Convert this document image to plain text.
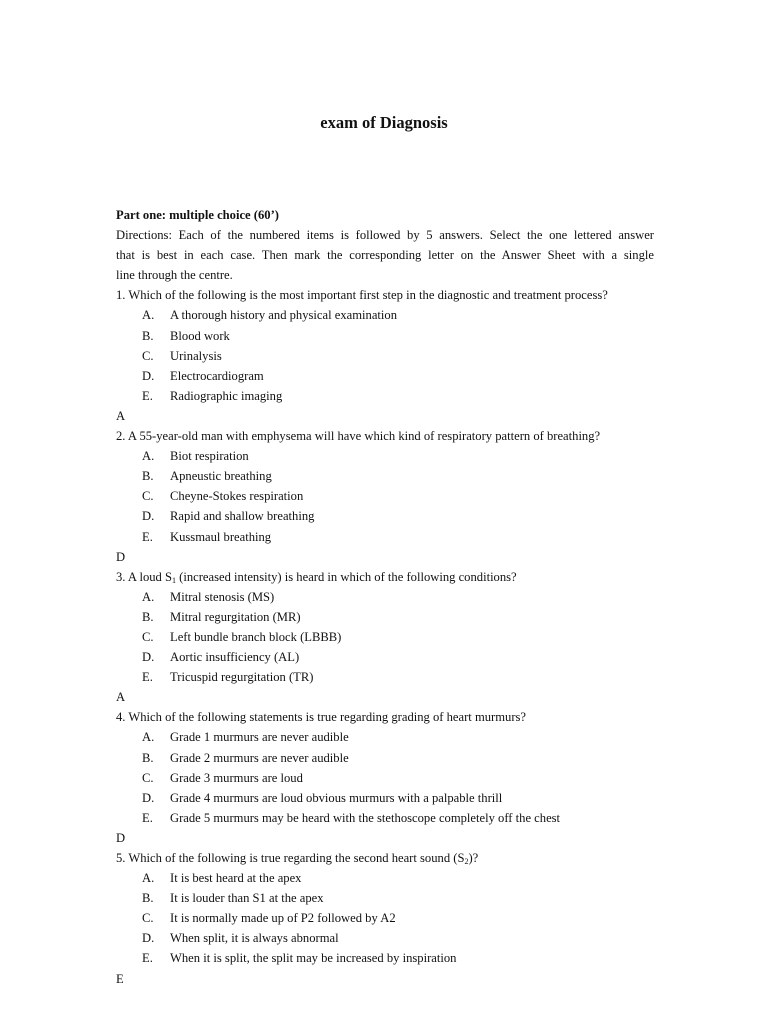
exam of Diagnosis
Part one: multiple choice (60’)
Directions: Each of the numbered items is followed by 5 answers. Select the one lettered answer
that is best in each case. Then mark the corresponding letter on the Answer Sheet with a single
line through the centre.
1. Which of the following is the most important first step in the diagnostic and treatment process?
A.	A thorough history and physical examination
B.	Blood work
C.	Urinalysis
D.	Electrocardiogram
E.	Radiographic imaging
A
2. A 55-year-old man with emphysema will have which kind of respiratory pattern of breathing?
A.	Biot respiration
B.	Apneustic breathing
C.	Cheyne-Stokes respiration
D.	Rapid and shallow breathing
E.	Kussmaul breathing
D
3. A loud $S_1$ (increased intensity) is heard in which of the following conditions?
A.	Mitral stenosis (MS)
B.	Mitral regurgitation (MR)
C.	Left bundle branch block (LBBB)
D.	Aortic insufficiency (AL)
E.	Tricuspid regurgitation (TR)
A
4. Which of the following statements is true regarding grading of heart murmurs?
A.	Grade 1 murmurs are never audible
B.	Grade 2 murmurs are never audible
C.	Grade 3 murmurs are loud
D.	Grade 4 murmurs are loud obvious murmurs with a palpable thrill
E.	Grade 5 murmurs may be heard with the stethoscope completely off the chest
D
5. Which of the following is true regarding the second heart sound $(S_2)$?
A.	It is best heard at the apex
B.	It is louder than S1 at the apex
C.	It is normally made up of P2 followed by A2
D.	When split, it is always abnormal
E.	When it is split, the split may be increased by inspiration
E
